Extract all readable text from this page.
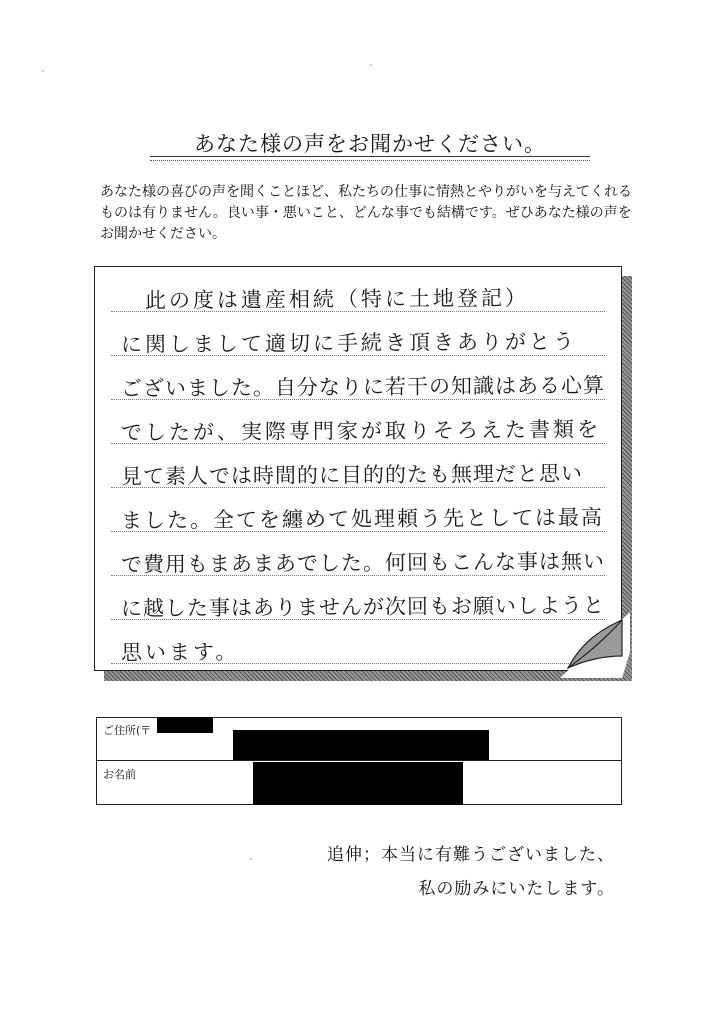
あなた様の声をお聞かせください。
あなた様の喜びの声を聞くことほど、私たちの仕事に情熱とやりがいを与えてくれるものは有りません。良い事・悪いこと、どんな事でも結構です。ぜひあなた様の声をお聞かせください。
此の度は遺産相続（特に土地登記）
に関しまして適切に手続き頂きありがとう
ございました。自分なりに若干の知識はある心算
でしたが、実際専門家が取りそろえた書類を
見て素人では時間的に目的的たも無理だと思い
ました。全てを纏めて処理頼う先としては最高
で費用もまあまあでした。何回もこんな事は無い
に越した事はありませんが次回もお願いしようと
思います。
ご住所(〒
お名前
追伸；本当に有難うございました、
私の励みにいたします。
